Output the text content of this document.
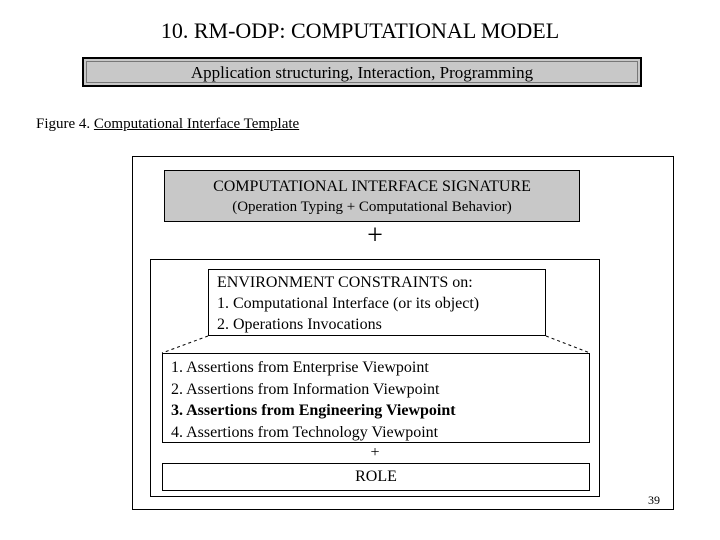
10. RM-ODP: COMPUTATIONAL MODEL
Application structuring, Interaction, Programming
Figure 4. Computational Interface Template
COMPUTATIONAL INTERFACE SIGNATURE
(Operation Typing + Computational Behavior)
+
ENVIRONMENT CONSTRAINTS on:
1. Computational Interface (or its object)
2. Operations Invocations
1. Assertions from Enterprise Viewpoint
2. Assertions from Information Viewpoint
3. Assertions from Engineering Viewpoint
4. Assertions from Technology Viewpoint
+
ROLE
39
